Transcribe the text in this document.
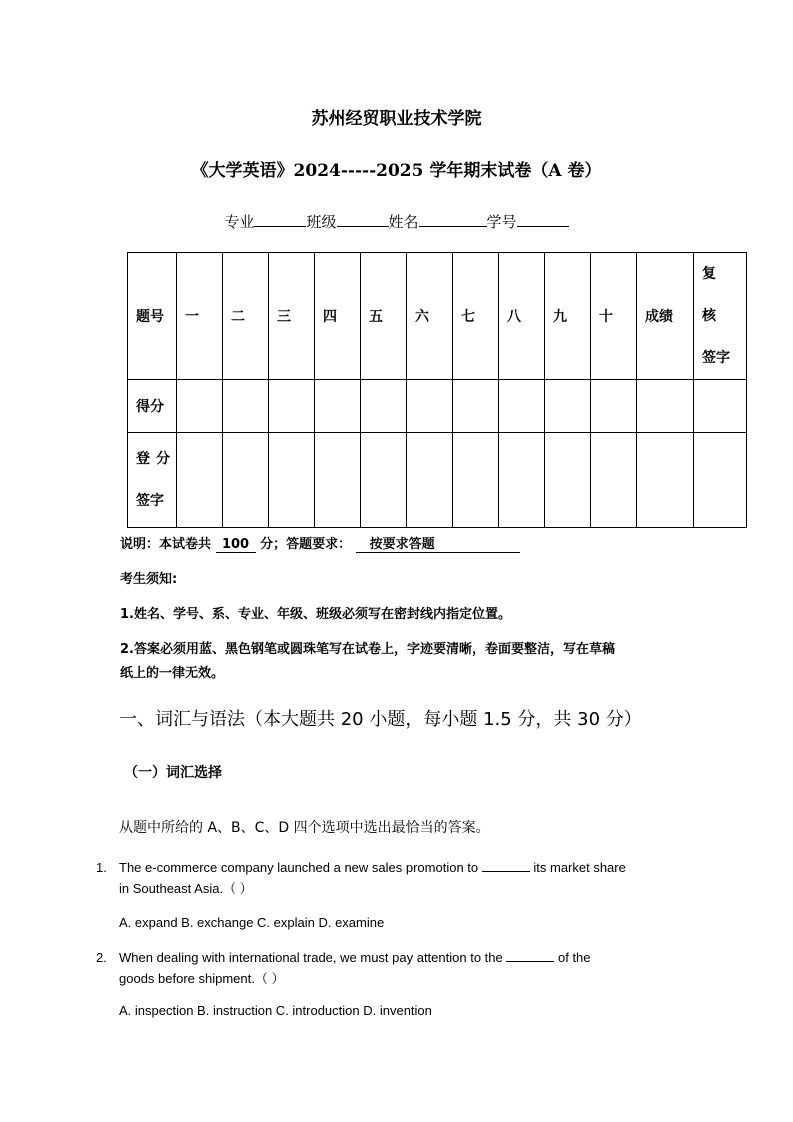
苏州经贸职业技术学院
《大学英语》2024-----2025 学年期末试卷（A 卷）
专业	班级	姓名	学号
题号	一	二	三	四	五	六	七	八	九	十	成绩	复 核
签字

得分												

登分
签字												

说明：本试卷共 100 分；答题要求： 按要求答题
考生须知:
1.姓名、学号、系、专业、年级、班级必须写在密封线内指定位置。
2.答案必须用蓝、黑色钢笔或圆珠笔写在试卷上，字迹要清晰，卷面要整洁，写在草稿
纸上的一律无效。
一、词汇与语法（本大题共 20 小题，每小题 1.5 分，共 30 分）
（一）词汇选择
从题中所给的 A、B、C、D 四个选项中选出最恰当的答案。
1. The e-commerce company launched a new sales promotion to	its market share
in Southeast Asia.（ ）
A. expand B. exchange C. explain D. examine
2. When dealing with international trade, we must pay attention to the	of the
goods before shipment.（ ）
A. inspection B. instruction C. introduction D. invention
